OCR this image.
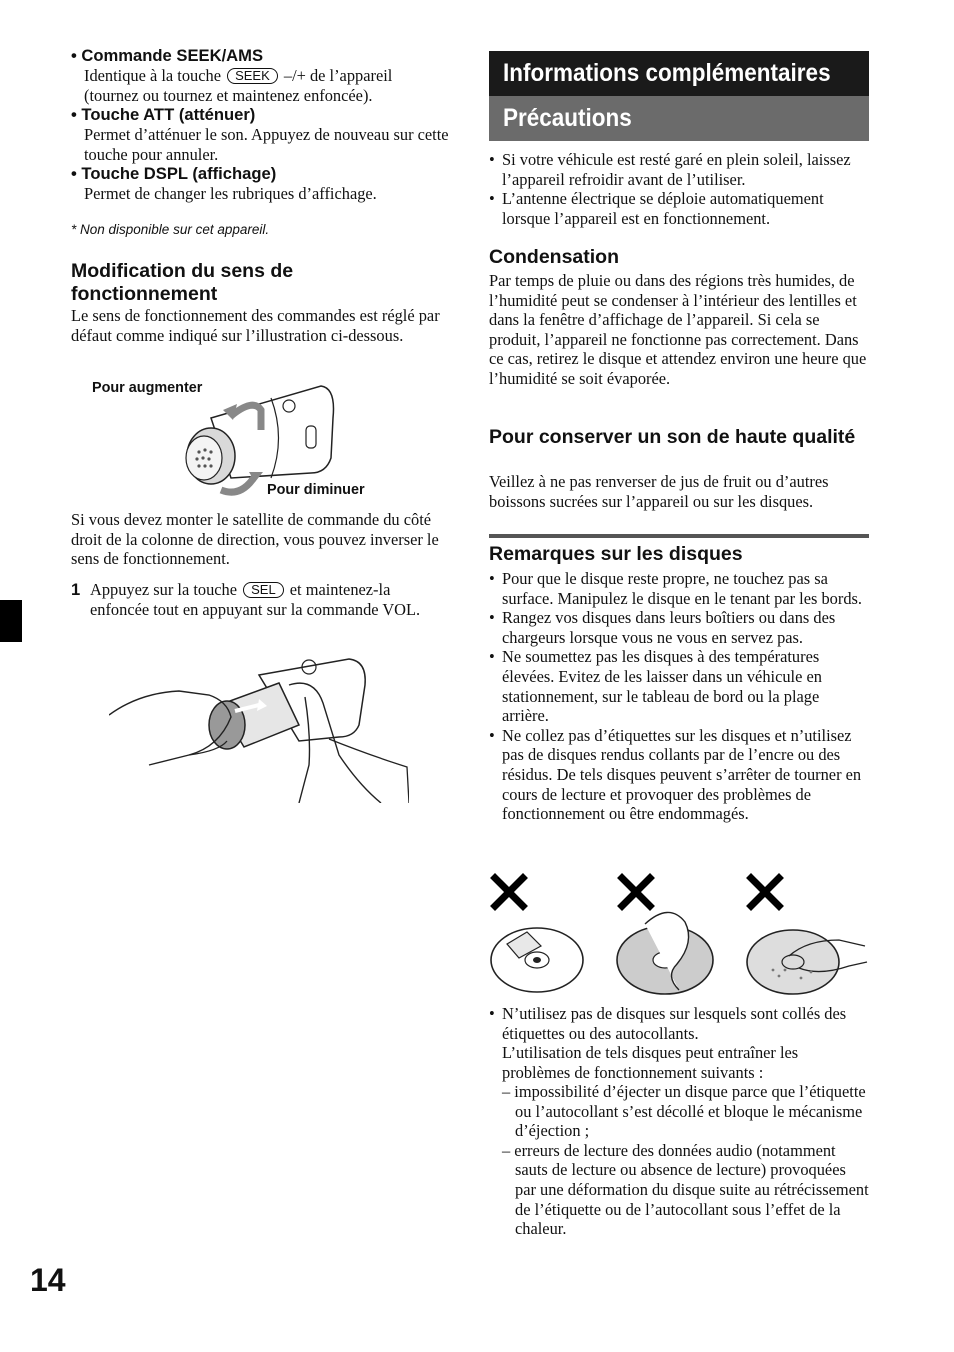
• Commande SEEK/AMS
Identique à la touche SEEK –/+ de l’appareil
(tournez ou tournez et maintenez enfoncée).
• Touche ATT (atténuer)
Permet d’atténuer le son. Appuyez de nouveau sur cette touche pour annuler.
• Touche DSPL (affichage)
Permet de changer les rubriques d’affichage.
* Non disponible sur cet appareil.
Modification du sens de fonctionnement
Le sens de fonctionnement des commandes est réglé par défaut comme indiqué sur l’illustration ci-dessous.
Pour augmenter
Pour diminuer
Si vous devez monter le satellite de commande du côté droit de la colonne de direction, vous pouvez inverser le sens de fonctionnement.
1 Appuyez sur la touche SEL et maintenez-la enfoncée tout en appuyant sur la commande VOL.
Informations complémentaires
Précautions
• Si votre véhicule est resté garé en plein soleil, laissez l’appareil refroidir avant de l’utiliser.
• L’antenne électrique se déploie automatiquement lorsque l’appareil est en fonctionnement.
Condensation
Par temps de pluie ou dans des régions très humides, de l’humidité peut se condenser à l’intérieur des lentilles et dans la fenêtre d’affichage de l’appareil. Si cela se produit, l’appareil ne fonctionne pas correctement. Dans ce cas, retirez le disque et attendez environ une heure que l’humidité se soit évaporée.
Pour conserver un son de haute qualité
Veillez à ne pas renverser de jus de fruit ou d’autres boissons sucrées sur l’appareil ou sur les disques.
Remarques sur les disques
• Pour que le disque reste propre, ne touchez pas sa surface. Manipulez le disque en le tenant par les bords.
• Rangez vos disques dans leurs boîtiers ou dans des chargeurs lorsque vous ne vous en servez pas.
• Ne soumettez pas les disques à des températures élevées. Evitez de les laisser dans un véhicule en stationnement, sur le tableau de bord ou la plage arrière.
• Ne collez pas d’étiquettes sur les disques et n’utilisez pas de disques rendus collants par de l’encre ou des résidus. De tels disques peuvent s’arrêter de tourner en cours de lecture et provoquer des problèmes de fonctionnement ou être endommagés.
• N’utilisez pas de disques sur lesquels sont collés des étiquettes ou des autocollants.
L’utilisation de tels disques peut entraîner les problèmes de fonctionnement suivants :
– impossibilité d’éjecter un disque parce que l’étiquette ou l’autocollant s’est décollé et bloque le mécanisme d’éjection ;
– erreurs de lecture des données audio (notamment sauts de lecture ou absence de lecture) provoquées par une déformation du disque suite au rétrécissement de l’étiquette ou de l’autocollant sous l’effet de la chaleur.
14
